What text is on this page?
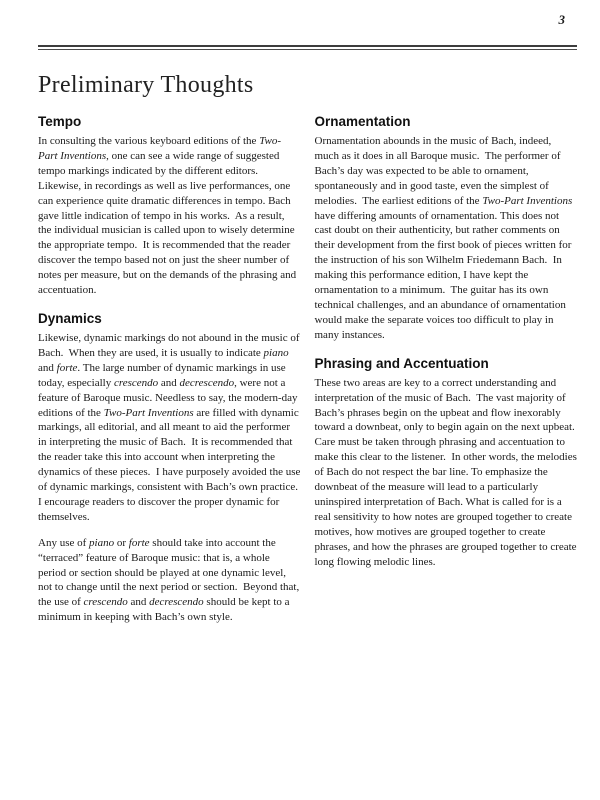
3
Preliminary Thoughts
Tempo

In consulting the various keyboard editions of the Two-Part Inventions, one can see a wide range of suggested tempo markings indicated by the different editors.  Likewise, in recordings as well as live performances, one can experience quite dramatic differences in tempo. Bach gave little indication of tempo in his works.  As a result, the individual musician is called upon to wisely determine the appropriate tempo.  It is recommended that the reader discover the tempo based not on just the sheer number of notes per measure, but on the demands of the phrasing and accentuation.

Dynamics

Likewise, dynamic markings do not abound in the music of Bach.  When they are used, it is usually to indicate piano and forte. The large number of dynamic markings in use today, especially crescendo and decrescendo, were not a feature of Baroque music. Needless to say, the modern-day editions of the Two-Part Inventions are filled with dynamic markings, all editorial, and all meant to aid the performer in interpreting the music of Bach.  It is recommended that the reader take this into account when interpreting the dynamics of these pieces.  I have purposely avoided the use of dynamic markings, consistent with Bach’s own practice.   I encourage readers to discover the proper dynamic for themselves.

Any use of piano or forte should take into account the “terraced” feature of Baroque music: that is, a whole period or section should be played at one dynamic level, not to change until the next period or section.  Beyond that, the use of crescendo and decrescendo should be kept to a minimum in keeping with Bach’s own style.

Ornamentation

Ornamentation abounds in the music of Bach, indeed, much as it does in all Baroque music.  The performer of Bach’s day was expected to be able to ornament, spontaneously and in good taste, even the simplest of melodies.  The earliest editions of the Two-Part Inventions have differing amounts of ornamentation. This does not cast doubt on their authenticity, but rather comments on their development from the first book of pieces written for the instruction of his son Wilhelm Friedemann Bach.  In making this performance edition, I have kept the ornamentation to a minimum.  The guitar has its own technical challenges, and an abundance of ornamentation would make the separate voices too difficult to play in many instances.

Phrasing and Accentuation

These two areas are key to a correct understanding and interpretation of the music of Bach.  The vast majority of Bach’s phrases begin on the upbeat and flow inexorably toward a downbeat, only to begin again on the next upbeat.  Care must be taken through phrasing and accentuation to make this clear to the listener.  In other words, the melodies of Bach do not respect the bar line. To emphasize the downbeat of the measure will lead to a particularly uninspired interpretation of Bach. What is called for is a real sensitivity to how notes are grouped together to create motives, how motives are grouped together to create phrases, and how the phrases are grouped together to create long flowing melodic lines.
